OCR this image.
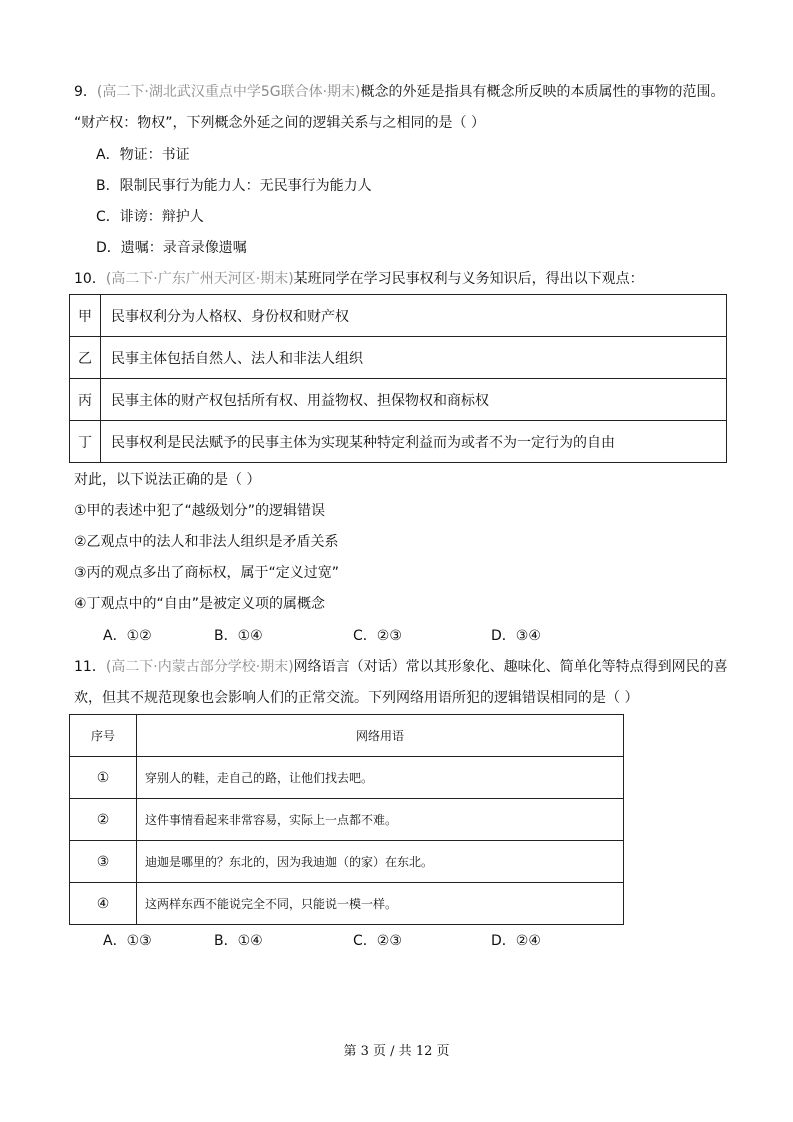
9．(高二下·湖北武汉重点中学5G联合体·期末)概念的外延是指具有概念所反映的本质属性的事物的范围。
“财产权：物权”，下列概念外延之间的逻辑关系与之相同的是（ ）
A．物证：书证
B．限制民事行为能力人：无民事行为能力人
C．诽谤：辩护人
D．遗嘱：录音录像遗嘱
10．(高二下·广东广州天河区·期末)某班同学在学习民事权利与义务知识后，得出以下观点：
甲	民事权利分为人格权、身份权和财产权
乙	民事主体包括自然人、法人和非法人组织
丙	民事主体的财产权包括所有权、用益物权、担保物权和商标权
丁	民事权利是民法赋予的民事主体为实现某种特定利益而为或者不为一定行为的自由
对此，以下说法正确的是（ ）
①甲的表述中犯了“越级划分”的逻辑错误
②乙观点中的法人和非法人组织是矛盾关系
③丙的观点多出了商标权，属于“定义过宽”
④丁观点中的“自由”是被定义项的属概念
A．①②	B．①④	C．②③	D．③④
11．(高二下·内蒙古部分学校·期末)网络语言（对话）常以其形象化、趣味化、简单化等特点得到网民的喜
欢，但其不规范现象也会影响人们的正常交流。下列网络用语所犯的逻辑错误相同的是（ ）
序号	网络用语
①	穿别人的鞋，走自己的路，让他们找去吧。
②	这件事情看起来非常容易，实际上一点都不难。
③	迪迦是哪里的？东北的，因为我迪迦（的家）在东北。
④	这两样东西不能说完全不同，只能说一模一样。
A．①③	B．①④	C．②③	D．②④
第 3 页 / 共 12 页
